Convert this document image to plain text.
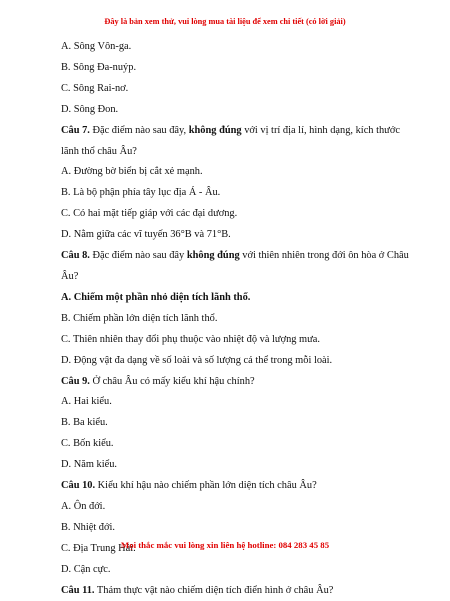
Đây là bản xem thử, vui lòng mua tài liệu để xem chi tiết (có lời giải)
A. Sông Vôn-ga.
B. Sông Đa-nuýp.
C. Sông Rai-nơ.
D. Sông Đon.
Câu 7. Đặc điểm nào sau đây, không đúng với vị trí địa lí, hình dạng, kích thước
lãnh thổ châu Âu?
A. Đường bờ biển bị cắt xẻ mạnh.
B. Là bộ phận phía tây lục địa Á - Âu.
C. Có hai mặt tiếp giáp với các đại dương.
D. Nằm giữa các vĩ tuyến 36°B và 71°B.
Câu 8. Đặc điểm nào sau đây không đúng với thiên nhiên trong đới ôn hòa ở Châu
Âu?
A. Chiếm một phần nhỏ diện tích lãnh thổ.
B. Chiếm phần lớn diện tích lãnh thổ.
C. Thiên nhiên thay đổi phụ thuộc vào nhiệt độ và lượng mưa.
D. Động vật đa dạng về số loài và số lượng cá thể trong mỗi loài.
Câu 9. Ở châu Âu có mấy kiểu khí hậu chính?
A. Hai kiểu.
B. Ba kiểu.
C. Bốn kiểu.
D. Năm kiểu.
Câu 10. Kiểu khí hậu nào chiếm phần lớn diện tích châu Âu?
A. Ôn đới.
B. Nhiệt đới.
C. Địa Trung Hải.
D. Cận cực.
Câu 11. Thảm thực vật nào chiếm diện tích điển hình ở châu Âu?
Mọi thắc mắc vui lòng xin liên hệ hotline: 084 283 45 85
